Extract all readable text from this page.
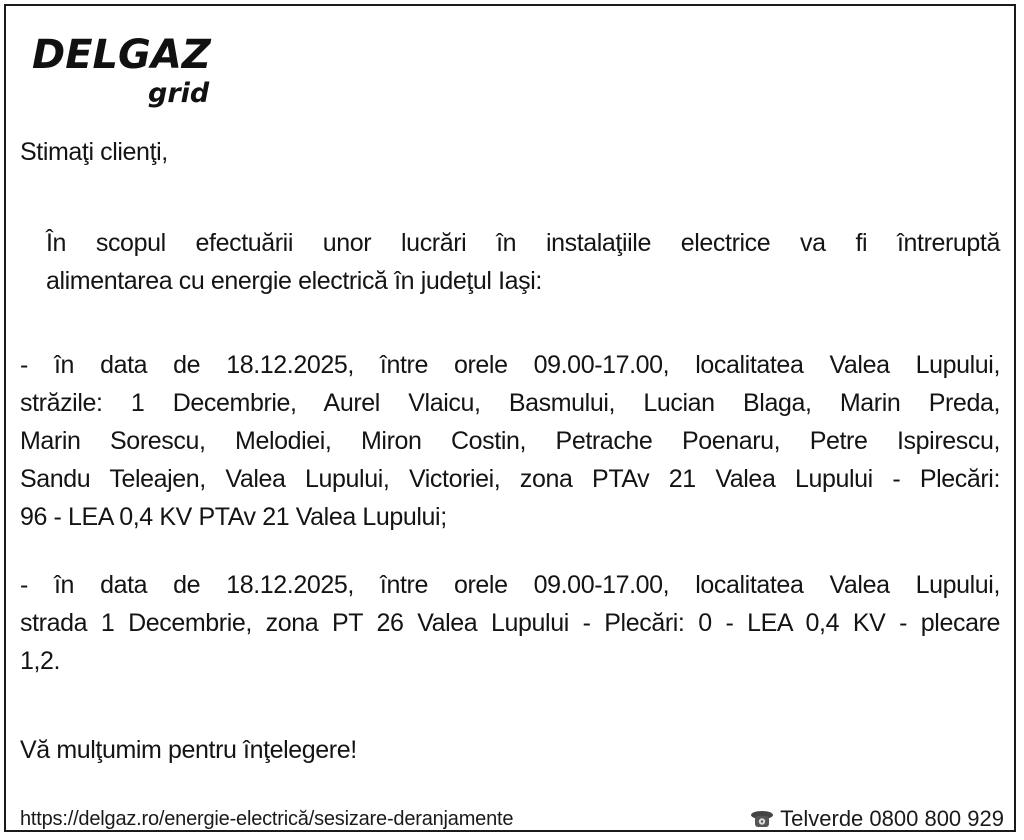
DELGAZ
grid
Stimaţi clienţi,

În scopul efectuării unor lucrări în instalaţiile electrice va fi întreruptă

alimentarea cu energie electrică în judeţul Iaşi:

- în data de 18.12.2025, între orele 09.00-17.00, localitatea Valea Lupului,

străzile: 1 Decembrie, Aurel Vlaicu, Basmului, Lucian Blaga, Marin Preda,

Marin Sorescu, Melodiei, Miron Costin, Petrache Poenaru, Petre Ispirescu,

Sandu Teleajen, Valea Lupului, Victoriei, zona PTAv 21 Valea Lupului - Plecări:

96 - LEA 0,4 KV PTAv 21 Valea Lupului;

- în data de 18.12.2025, între orele 09.00-17.00, localitatea Valea Lupului,

strada 1 Decembrie, zona PT 26 Valea Lupului - Plecări: 0 - LEA 0,4 KV - plecare

1,2.

Vă mulţumim pentru înţelegere!
https://delgaz.ro/energie-electrică/sesizare-deranjamente	Telverde 0800 800 929
